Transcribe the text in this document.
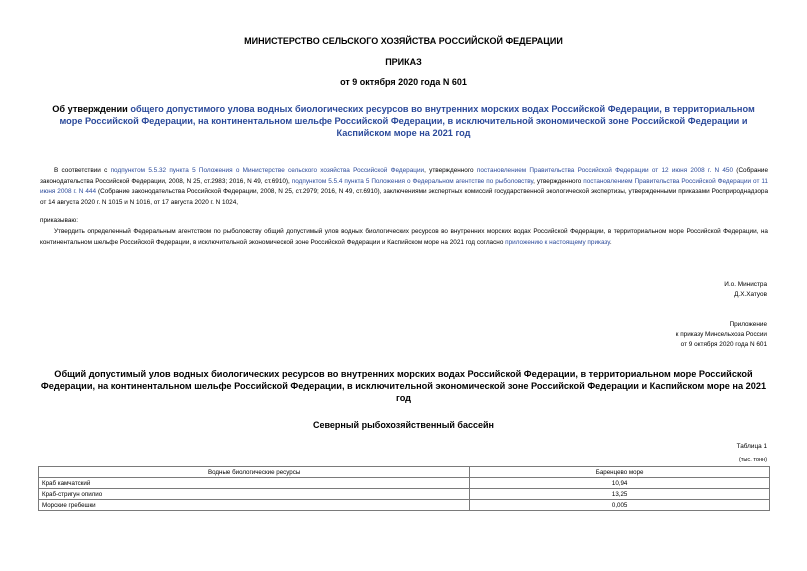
МИНИСТЕРСТВО СЕЛЬСКОГО ХОЗЯЙСТВА РОССИЙСКОЙ ФЕДЕРАЦИИ
ПРИКАЗ
от 9 октября 2020 года N 601
Об утверждении общего допустимого улова водных биологических ресурсов во внутренних морских водах Российской Федерации, в территориальном море Российской Федерации, на континентальном шельфе Российской Федерации, в исключительной экономической зоне Российской Федерации и Каспийском море на 2021 год
В соответствии с подпунктом 5.5.32 пункта 5 Положения о Министерстве сельского хозяйства Российской Федерации, утвержденного постановлением Правительства Российской Федерации от 12 июня 2008 г. N 450 (Собрание законодательства Российской Федерации, 2008, N 25, ст.2983; 2016, N 49, ст.6910), подпунктом 5.5.4 пункта 5 Положения о Федеральном агентстве по рыболовству, утвержденного постановлением Правительства Российской Федерации от 11 июня 2008 г. N 444 (Собрание законодательства Российской Федерации, 2008, N 25, ст.2979; 2016, N 49, ст.6910), заключениями экспертных комиссий государственной экологической экспертизы, утвержденными приказами Росприроднадзора от 14 августа 2020 г. N 1015 и N 1016, от 17 августа 2020 г. N 1024,
приказываю:
Утвердить определенный Федеральным агентством по рыболовству общий допустимый улов водных биологических ресурсов во внутренних морских водах Российской Федерации, в территориальном море Российской Федерации, на континентальном шельфе Российской Федерации, в исключительной экономической зоне Российской Федерации и Каспийском море на 2021 год согласно приложению к настоящему приказу.
И.о. Министра
Д.Х.Хатуов
Приложение
к приказу Минсельхоза России
от 9 октября 2020 года N 601
Общий допустимый улов водных биологических ресурсов во внутренних морских водах Российской Федерации, в территориальном море Российской Федерации, на континентальном шельфе Российской Федерации, в исключительной экономической зоне Российской Федерации и Каспийском море на 2021 год
Северный рыбохозяйственный бассейн
Таблица 1
(тыс. тонн)
Водные биологические ресурсы	Баренцево море
Краб камчатский	10,94
Краб-стригун опилио	13,25
Морские гребешки	0,005
